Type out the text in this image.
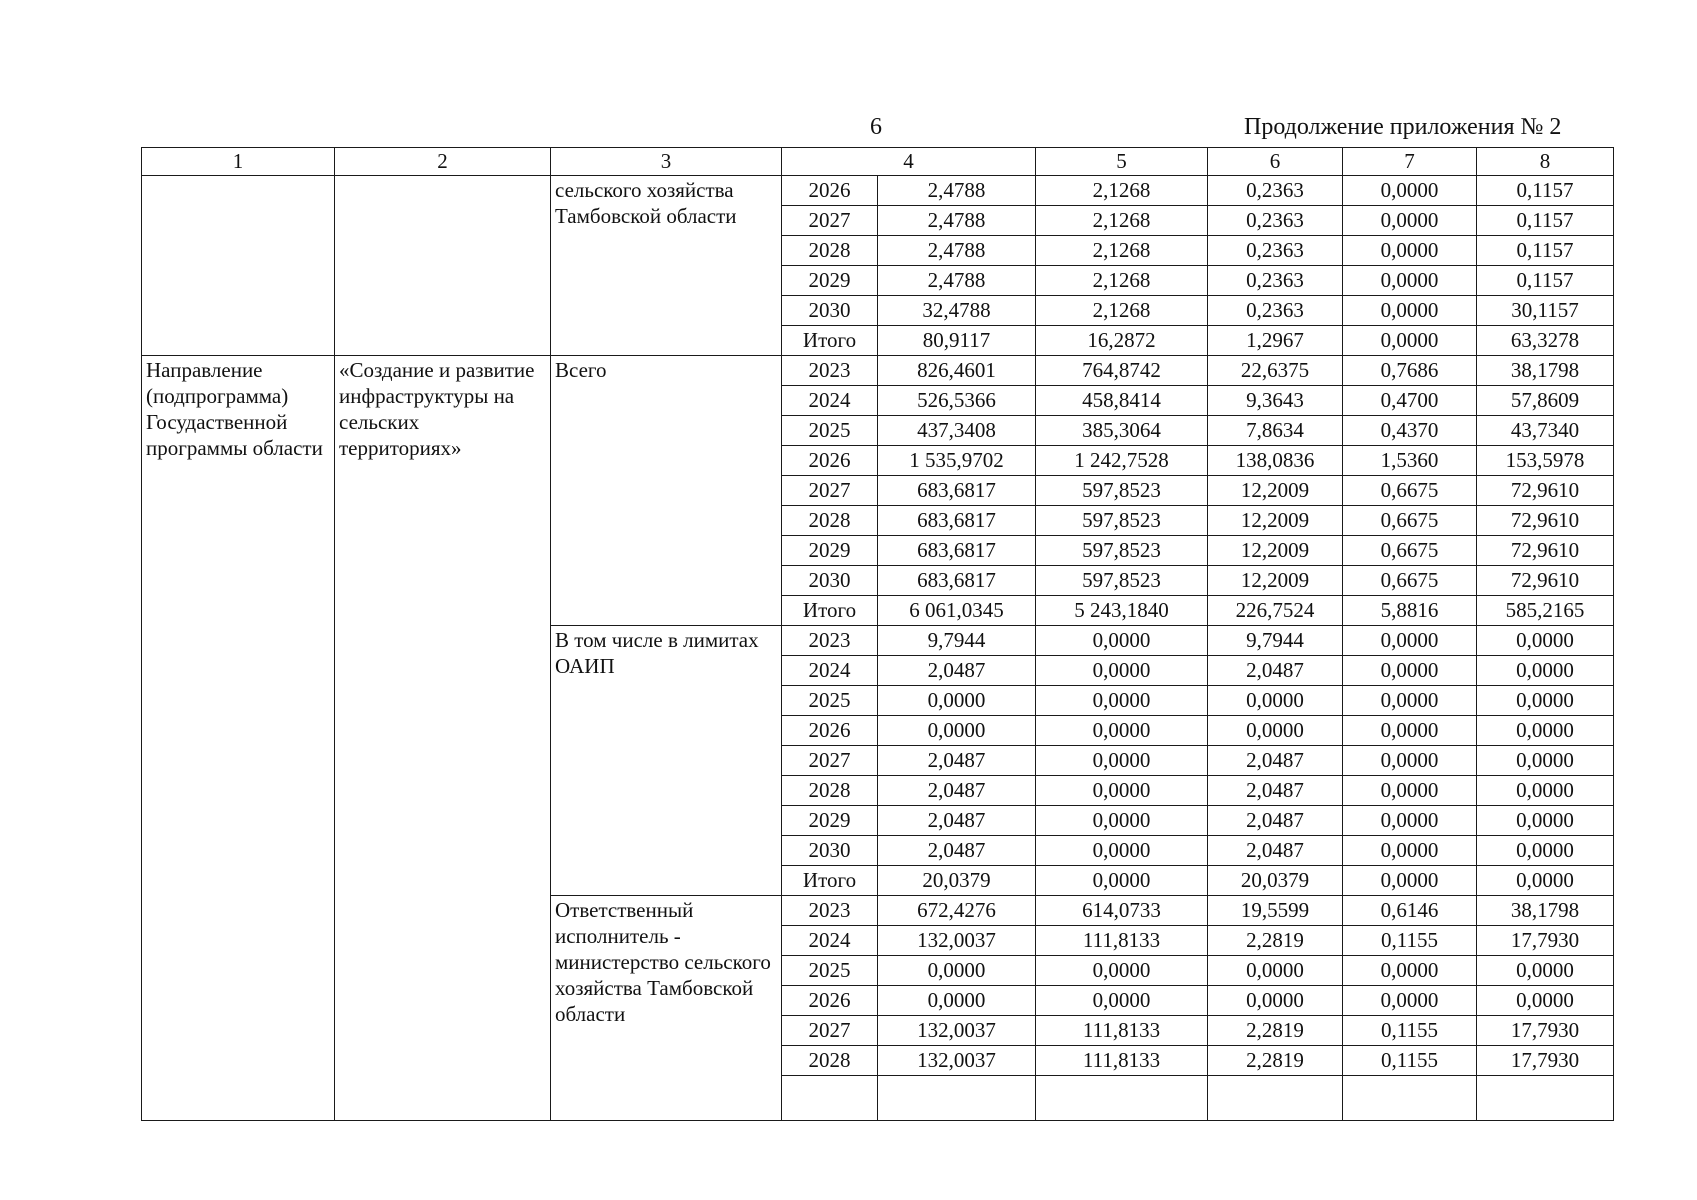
6	Продолжение приложения № 2
1	2	3	4		5	6	7	8
		сельского хозяйства Тамбовской области	2026	2,4788	2,1268	0,2363	0,0000	0,1157
			2027	2,4788	2,1268	0,2363	0,0000	0,1157
			2028	2,4788	2,1268	0,2363	0,0000	0,1157
			2029	2,4788	2,1268	0,2363	0,0000	0,1157
			2030	32,4788	2,1268	0,2363	0,0000	30,1157
			Итого	80,9117	16,2872	1,2967	0,0000	63,3278
Направление (подпрограмма) Госудаственной программы области	«Создание и развитие инфраструктуры на сельских территориях»	Всего	2023	826,4601	764,8742	22,6375	0,7686	38,1798
			2024	526,5366	458,8414	9,3643	0,4700	57,8609
			2025	437,3408	385,3064	7,8634	0,4370	43,7340
			2026	1 535,9702	1 242,7528	138,0836	1,5360	153,5978
			2027	683,6817	597,8523	12,2009	0,6675	72,9610
			2028	683,6817	597,8523	12,2009	0,6675	72,9610
			2029	683,6817	597,8523	12,2009	0,6675	72,9610
			2030	683,6817	597,8523	12,2009	0,6675	72,9610
			Итого	6 061,0345	5 243,1840	226,7524	5,8816	585,2165
		В том числе в лимитах ОАИП	2023	9,7944	0,0000	9,7944	0,0000	0,0000
			2024	2,0487	0,0000	2,0487	0,0000	0,0000
			2025	0,0000	0,0000	0,0000	0,0000	0,0000
			2026	0,0000	0,0000	0,0000	0,0000	0,0000
			2027	2,0487	0,0000	2,0487	0,0000	0,0000
			2028	2,0487	0,0000	2,0487	0,0000	0,0000
			2029	2,0487	0,0000	2,0487	0,0000	0,0000
			2030	2,0487	0,0000	2,0487	0,0000	0,0000
			Итого	20,0379	0,0000	20,0379	0,0000	0,0000
		Ответственный исполнитель - министерство сельского хозяйства Тамбовской области	2023	672,4276	614,0733	19,5599	0,6146	38,1798
			2024	132,0037	111,8133	2,2819	0,1155	17,7930
			2025	0,0000	0,0000	0,0000	0,0000	0,0000
			2026	0,0000	0,0000	0,0000	0,0000	0,0000
			2027	132,0037	111,8133	2,2819	0,1155	17,7930
			2028	132,0037	111,8133	2,2819	0,1155	17,7930
